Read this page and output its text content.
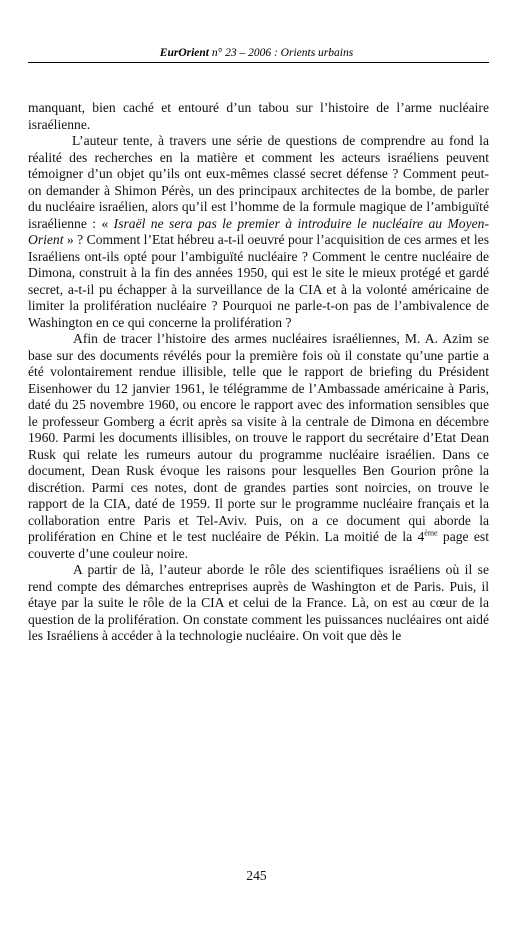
EurOrient n° 23 – 2006 : Orients urbains

manquant, bien caché et entouré d’un tabou sur l’histoire de l’arme nucléaire israélienne.

L’auteur tente, à travers une série de questions de comprendre au fond la réalité des recherches en la matière et comment les acteurs israéliens peuvent témoigner d’un objet qu’ils ont eux-mêmes classé secret défense ? Comment peut-on demander à Shimon Pérès, un des principaux architectes de la bombe, de parler du nucléaire israélien, alors qu’il est l’homme de la formule magique de l’ambiguïté israélienne : « Israël ne sera pas le premier à introduire le nucléaire au Moyen-Orient » ? Comment l’Etat hébreu a-t-il oeuvré pour l’acquisition de ces armes et les Israéliens ont-ils opté pour l’ambiguïté nucléaire ? Comment le centre nucléaire de Dimona, construit à la fin des années 1950, qui est le site le mieux protégé et gardé secret, a-t-il pu échapper à la surveillance de la CIA et à la volonté américaine de limiter la prolifération nucléaire ? Pourquoi ne parle-t-on pas de l’ambivalence de Washington en ce qui concerne la prolifération ?

Afin de tracer l’histoire des armes nucléaires israéliennes, M. A. Azim se base sur des documents révélés pour la première fois où il constate qu’une partie a été volontairement rendue illisible, telle que le rapport de briefing du Président Eisenhower du 12 janvier 1961, le télégramme de l’Ambassade américaine à Paris, daté du 25 novembre 1960, ou encore le rapport avec des information sensibles que le professeur Gomberg a écrit après sa visite à la centrale de Dimona en décembre 1960. Parmi les documents illisibles, on trouve le rapport du secrétaire d’Etat Dean Rusk qui relate les rumeurs autour du programme nucléaire israélien. Dans ce document, Dean Rusk évoque les raisons pour lesquelles Ben Gourion prône la discrétion. Parmi ces notes, dont de grandes parties sont noircies, on trouve le rapport de la CIA, daté de 1959. Il porte sur le programme nucléaire français et la collaboration entre Paris et Tel-Aviv. Puis, on a ce document qui aborde la prolifération en Chine et le test nucléaire de Pékin. La moitié de la 4ème page est couverte d’une couleur noire.

A partir de là, l’auteur aborde le rôle des scientifiques israéliens où il se rend compte des démarches entreprises auprès de Washington et de Paris. Puis, il étaye par la suite le rôle de la CIA et celui de la France. Là, on est au cœur de la question de la prolifération. On constate comment les puissances nucléaires ont aidé les Israéliens à accéder à la technologie nucléaire. On voit que dès le

245
